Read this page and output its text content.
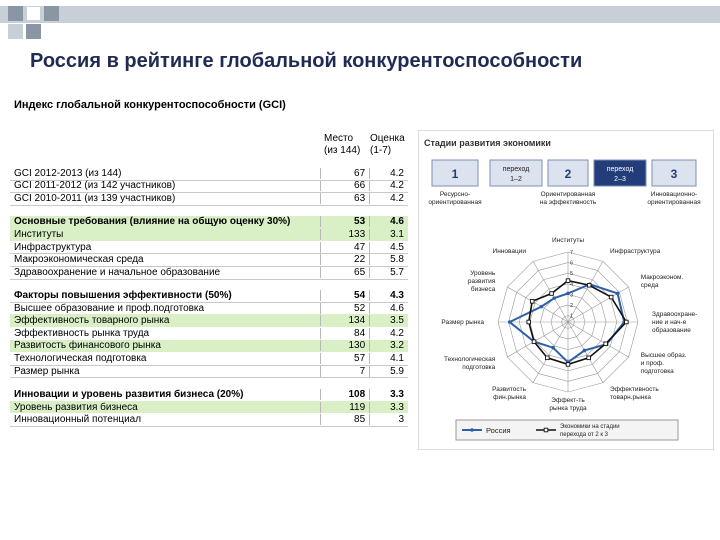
Россия в рейтинге глобальной конкурентоспособности
Индекс глобальной конкурентоспособности (GCI)
Место
(из 144)
Оценка
(1-7)
GCI 2012-2013 (из 144)	67	4.2
GCI 2011-2012 (из 142 участников)	66	4.2
GCI 2010-2011 (из 139 участников)	63	4.2
Основные требования (влияние на общую оценку 30%)	53	4.6
Институты	133	3.1
Инфраструктура	47	4.5
Макроэкономическая среда	22	5.8
Здравоохранение и начальное образование	65	5.7
Факторы повышения эффективности (50%)	54	4.3
Высшее образование и проф.подготовка	52	4.6
Эффективность товарного рынка	134	3.5
Эффективность рынка труда	84	4.2
Развитость финансового рынка	130	3.2
Технологическая подготовка	57	4.1
Размер рынка	7	5.9
Инновации и уровень развития бизнеса (20%)	108	3.3
Уровень развития бизнеса	119	3.3
Инновационный потенциал	85	3
Стадии развития экономики
1	переход
1–2	2	переход
2–3	3
Ресурсно-
ориентированная
Ориентированная
на эффективность
Инновационно-
ориентированная
1
2
3
4
5
6
7
Институты
Инфраструктура
Макроэконом.
среда
Здравоохране-
ние и нач-е
образование
Высшее образ.
и проф.
подготовка
Эффективность
товарн.рынка
Эффект-ть
рынка труда
Развитость
фин.рынка
Технологическая
подготовка
Размер рынка
Уровень
развития
бизнеса
Инновации
Россия	Экономики на стадии
перехода от 2 к 3
